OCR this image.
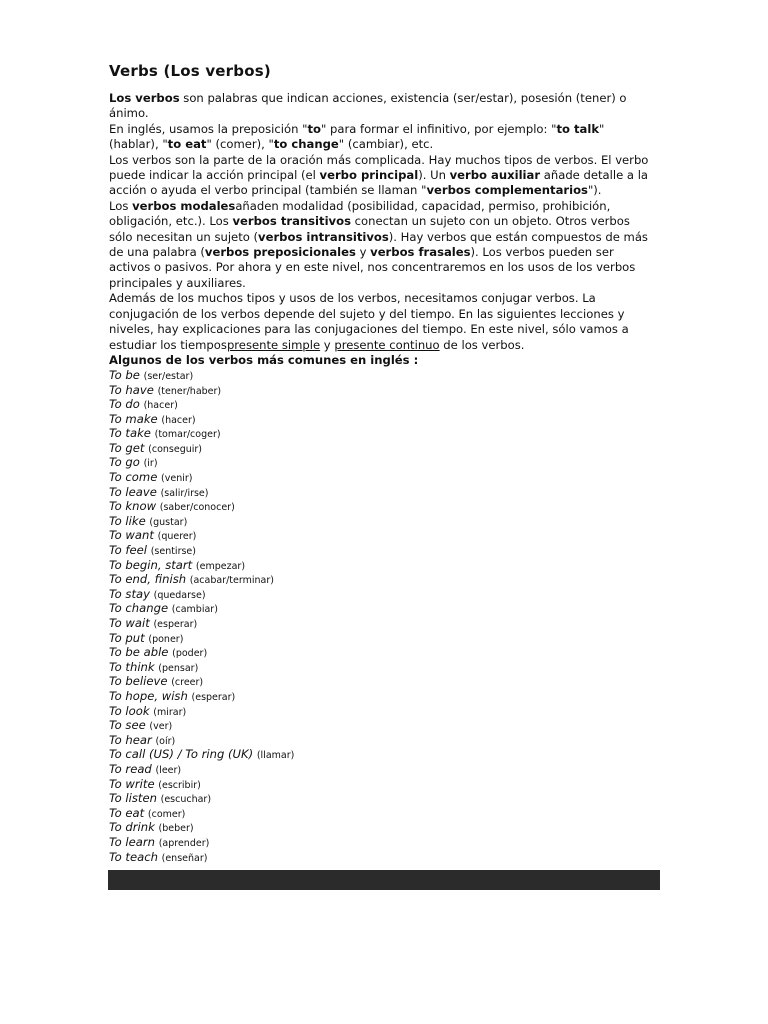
Verbs (Los verbos)

Los verbos son palabras que indican acciones, existencia (ser/estar), posesión (tener) o ánimo.
En inglés, usamos la preposición "to" para formar el infinitivo, por ejemplo: "to talk" (hablar), "to eat" (comer), "to change" (cambiar), etc.
Los verbos son la parte de la oración más complicada. Hay muchos tipos de verbos. El verbo puede indicar la acción principal (el verbo principal). Un verbo auxiliar añade detalle a la acción o ayuda el verbo principal (también se llaman "verbos complementarios").
Los verbos modalesañaden modalidad (posibilidad, capacidad, permiso, prohibición, obligación, etc.). Los verbos transitivos conectan un sujeto con un objeto. Otros verbos sólo necesitan un sujeto (verbos intransitivos). Hay verbos que están compuestos de más de una palabra (verbos preposicionales y verbos frasales). Los verbos pueden ser activos o pasivos. Por ahora y en este nivel, nos concentraremos en los usos de los verbos principales y auxiliares.
Además de los muchos tipos y usos de los verbos, necesitamos conjugar verbos. La conjugación de los verbos depende del sujeto y del tiempo. En las siguientes lecciones y niveles, hay explicaciones para las conjugaciones del tiempo. En este nivel, sólo vamos a estudiar los tiempospresente simple y presente continuo de los verbos.

Algunos de los verbos más comunes en inglés :

To be (ser/estar)
To have (tener/haber)
To do (hacer)
To make (hacer)
To take (tomar/coger)
To get (conseguir)
To go (ir)
To come (venir)
To leave (salir/irse)
To know (saber/conocer)
To like (gustar)
To want (querer)
To feel (sentirse)
To begin, start (empezar)
To end, finish (acabar/terminar)
To stay (quedarse)
To change (cambiar)
To wait (esperar)
To put (poner)
To be able (poder)
To think (pensar)
To believe (creer)
To hope, wish (esperar)
To look (mirar)
To see (ver)
To hear (oír)
To call (US) / To ring (UK) (llamar)
To read (leer)
To write (escribir)
To listen (escuchar)
To eat (comer)
To drink (beber)
To learn (aprender)
To teach (enseñar)
